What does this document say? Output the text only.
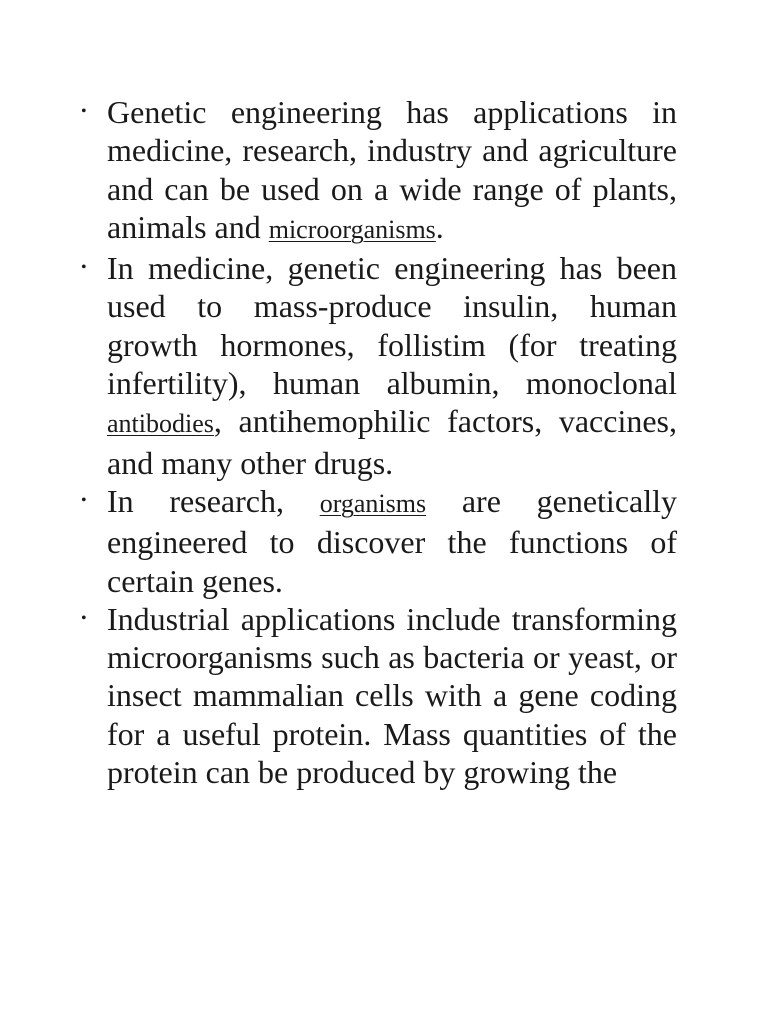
• Genetic engineering has applications in medicine, research, industry and agriculture and can be used on a wide range of plants, animals and microorganisms.
• In medicine, genetic engineering has been used to mass-produce insulin, human growth hormones, follistim (for treating infertility), human albumin, monoclonal antibodies, antihemophilic factors, vaccines, and many other drugs.
• In research, organisms are genetically engineered to discover the functions of certain genes.
• Industrial applications include transforming microorganisms such as bacteria or yeast, or insect mammalian cells with a gene coding for a useful protein. Mass quantities of the protein can be produced by growing the
